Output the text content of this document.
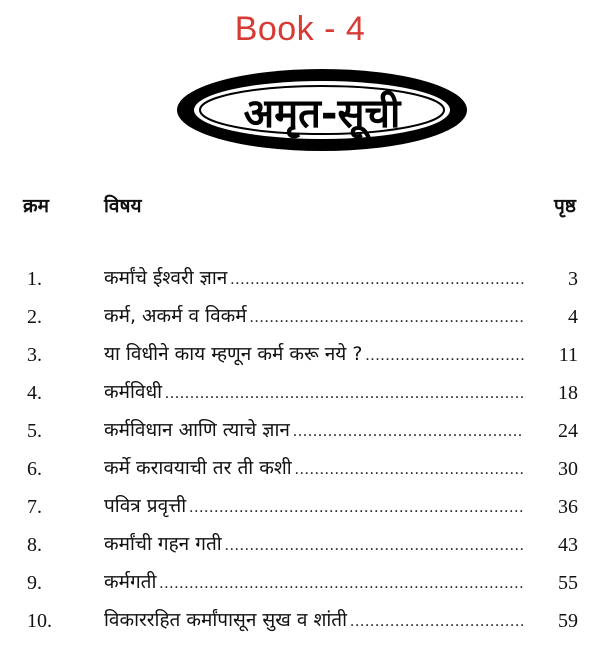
Book - 4
अमृत-सूची
क्रम	विषय	पृष्ठ
1.	कर्मांचे ईश्वरी ज्ञान .....	3
2.	कर्म, अकर्म व विकर्म .....	4
3.	या विधीने काय म्हणून कर्म करू नये ? .....	11
4.	कर्मविधी .....	18
5.	कर्मविधान आणि त्याचे ज्ञान .....	24
6.	कर्मे करावयाची तर ती कशी .....	30
7.	पवित्र प्रवृत्ती .....	36
8.	कर्मांची गहन गती .....	43
9.	कर्मगती .....	55
10.	विकाररहित कर्मांपासून सुख व शांती .....	59
